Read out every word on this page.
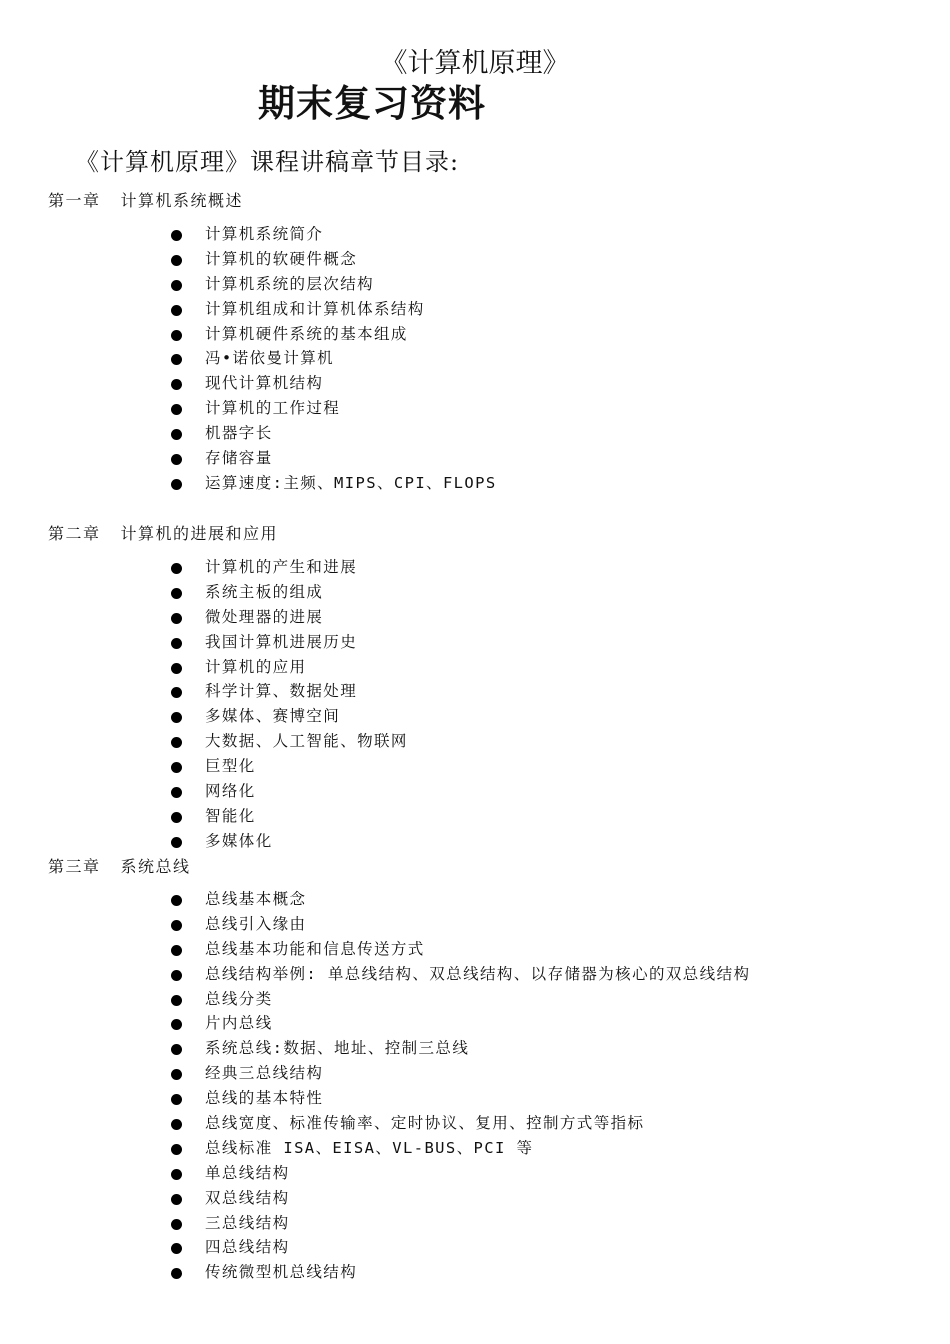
《计算机原理》
期末复习资料
《计算机原理》课程讲稿章节目录:
第一章 计算机系统概述
计算机系统简介
计算机的软硬件概念
计算机系统的层次结构
计算机组成和计算机体系结构
计算机硬件系统的基本组成
冯•诺依曼计算机
现代计算机结构
计算机的工作过程
机器字长
存储容量
运算速度:主频、MIPS、CPI、FLOPS
第二章 计算机的进展和应用
计算机的产生和进展
系统主板的组成
微处理器的进展
我国计算机进展历史
计算机的应用
科学计算、数据处理
多媒体、赛博空间
大数据、人工智能、物联网
巨型化
网络化
智能化
多媒体化
第三章 系统总线
总线基本概念
总线引入缘由
总线基本功能和信息传送方式
总线结构举例: 单总线结构、双总线结构、以存储器为核心的双总线结构
总线分类
片内总线
系统总线:数据、地址、控制三总线
经典三总线结构
总线的基本特性
总线宽度、标准传输率、定时协议、复用、控制方式等指标
总线标准 ISA、EISA、VL-BUS、PCI 等
单总线结构
双总线结构
三总线结构
四总线结构
传统微型机总线结构
